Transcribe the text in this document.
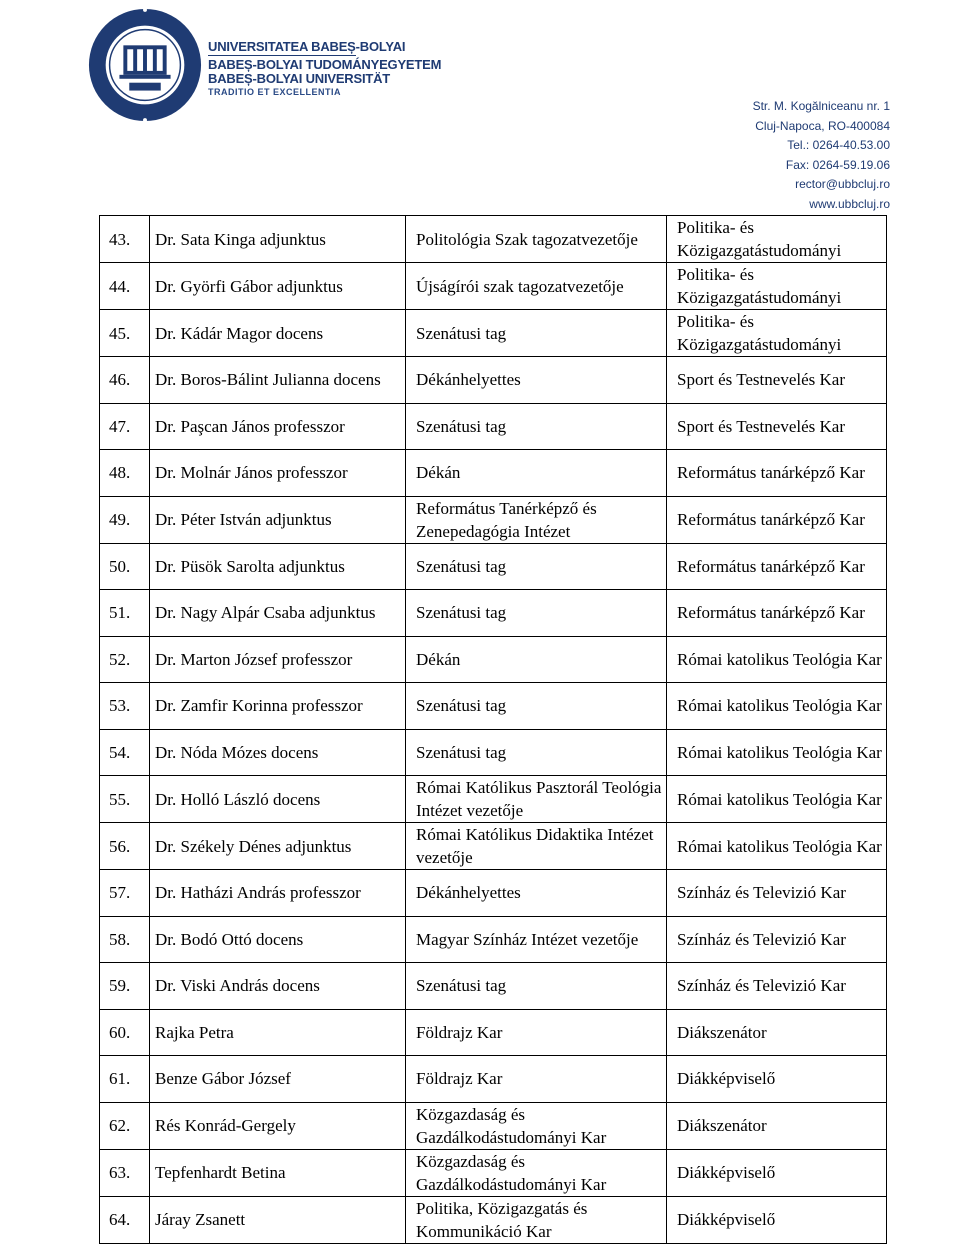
UNIVERSITATEA BABEȘ-BOLYAI
BABEȘ-BOLYAI TUDOMÁNYEGYETEM
BABEȘ-BOLYAI UNIVERSITÄT
TRADITIO ET EXCELLENTIA
Str. M. Kogălniceanu nr. 1
Cluj-Napoca, RO-400084
Tel.: 0264-40.53.00
Fax: 0264-59.19.06
rector@ubbcluj.ro
www.ubbcluj.ro
43.	Dr. Sata Kinga adjunktus	Politológia Szak tagozatvezetője	Politika- és Közigazgatástudományi
44.	Dr. Györfi Gábor adjunktus	Újságírói szak tagozatvezetője	Politika- és Közigazgatástudományi
45.	Dr. Kádár Magor docens	Szenátusi tag	Politika- és Közigazgatástudományi
46.	Dr. Boros-Bálint Julianna docens	Dékánhelyettes	Sport és Testnevelés Kar
47.	Dr. Paşcan János professzor	Szenátusi tag	Sport és Testnevelés Kar
48.	Dr. Molnár János professzor	Dékán	Református tanárképző Kar
49.	Dr. Péter István adjunktus	Református Tanérképző és Zenepedagógia Intézet	Református tanárképző Kar
50.	Dr. Püsök Sarolta adjunktus	Szenátusi tag	Református tanárképző Kar
51.	Dr. Nagy Alpár Csaba adjunktus	Szenátusi tag	Református tanárképző Kar
52.	Dr. Marton József professzor	Dékán	Római katolikus Teológia Kar
53.	Dr. Zamfir Korinna professzor	Szenátusi tag	Római katolikus Teológia Kar
54.	Dr. Nóda Mózes docens	Szenátusi tag	Római katolikus Teológia Kar
55.	Dr. Holló László docens	Római Katólikus Pasztorál Teológia Intézet vezetője	Római katolikus Teológia Kar
56.	Dr. Székely Dénes adjunktus	Római Katólikus Didaktika Intézet vezetője	Római katolikus Teológia Kar
57.	Dr. Hatházi András professzor	Dékánhelyettes	Színház és Televizió Kar
58.	Dr. Bodó Ottó docens	Magyar Színház Intézet vezetője	Színház és Televizió Kar
59.	Dr. Viski András docens	Szenátusi tag	Színház és Televizió Kar
60.	Rajka Petra	Földrajz Kar	Diákszenátor
61.	Benze Gábor József	Földrajz Kar	Diákképviselő
62.	Rés Konrád-Gergely	Közgazdaság és Gazdálkodástudományi Kar	Diákszenátor
63.	Tepfenhardt Betina	Közgazdaság és Gazdálkodástudományi Kar	Diákképviselő
64.	Járay Zsanett	Politika, Közigazgatás és Kommunikáció Kar	Diákképviselő
